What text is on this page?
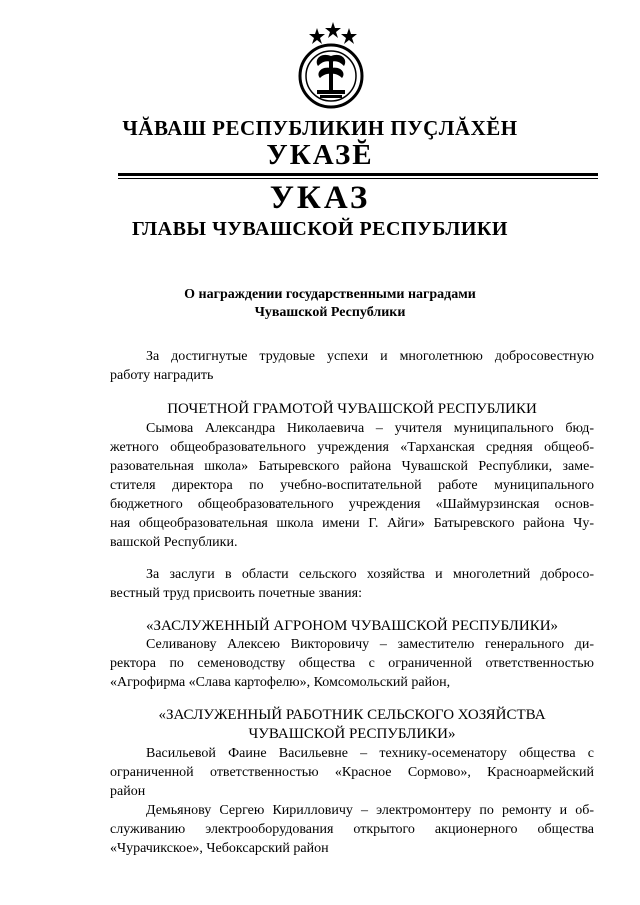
ЧĂВАШ РЕСПУБЛИКИН ПУҪЛĂХĔН
УКАЗĔ
УКАЗ
ГЛАВЫ ЧУВАШСКОЙ РЕСПУБЛИКИ
О награждении государственными наградами
Чувашской Республики
За достигнутые трудовые успехи и многолетнюю добросовестную
работу наградить
ПОЧЕТНОЙ ГРАМОТОЙ ЧУВАШСКОЙ РЕСПУБЛИКИ
Сымова Александра Николаевича – учителя муниципального бюд-
жетного общеобразовательного учреждения «Тарханская средняя общеоб-
разовательная школа» Батыревского района Чувашской Республики, заме-
стителя директора по учебно-воспитательной работе муниципального
бюджетного общеобразовательного учреждения «Шаймурзинская основ-
ная общеобразовательная школа имени Г. Айги» Батыревского района Чу-
вашской Республики.
За заслуги в области сельского хозяйства и многолетний добросо-
вестный труд присвоить почетные звания:
«ЗАСЛУЖЕННЫЙ АГРОНОМ ЧУВАШСКОЙ РЕСПУБЛИКИ»
Селиванову Алексею Викторовичу – заместителю генерального ди-
ректора по семеноводству общества с ограниченной ответственностью
«Агрофирма «Слава картофелю», Комсомольский район,
«ЗАСЛУЖЕННЫЙ РАБОТНИК СЕЛЬСКОГО ХОЗЯЙСТВА
ЧУВАШСКОЙ РЕСПУБЛИКИ»
Васильевой Фаине Васильевне – технику-осеменатору общества с
ограниченной ответственностью «Красное Сормово», Красноармейский
район
Демьянову Сергею Кирилловичу – электромонтеру по ремонту и об-
служиванию электрооборудования открытого акционерного общества
«Чурачикское», Чебоксарский район
